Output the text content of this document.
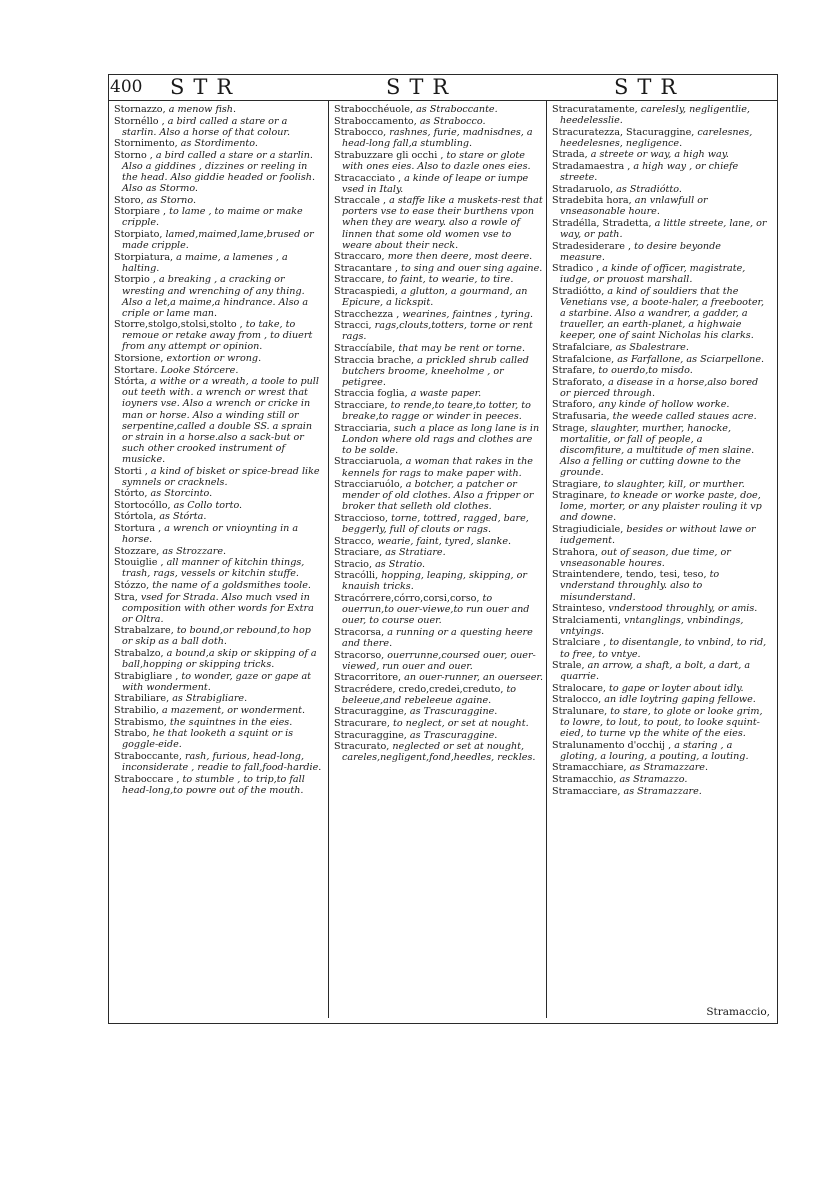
400 STR	STR	STR
Stornazzo, a menow fish.
Stornéllo , a bird called a stare or a starlin. Also a horse of that colour.
Stornimento, as Stordimento.
Storno , a bird called a stare or a starlin. Also a giddines , dizzines or reeling in the head. Also giddie headed or foolish. Also as Stormo.
Storo, as Storno.
Storpiare , to lame , to maime or make cripple.
Storpiato, lamed,maimed,lame,brused or made cripple.
Storpiatura, a maime, a lamenes , a halting.
Storpio , a breaking , a cracking or wresting and wrenching of any thing. Also a let,a maime,a hindrance. Also a criple or lame man.
Storre,stolgo,stolsi,stolto , to take, to remoue or retake away from , to diuert from any attempt or opinion.
Storsione, extortion or wrong.
Stortare. Looke Stórcere.
Stórta, a withe or a wreath, a toole to pull out teeth with. a wrench or wrest that ioyners vse. Also a wrench or cricke in man or horse. Also a winding still or serpentine,called a double SS. a sprain or strain in a horse.also a sack-but or such other crooked instrument of musicke.
Storti , a kind of bisket or spice-bread like symnels or cracknels.
Stórto, as Storcinto.
Stortocóllo, as Collo torto.
Stórtola, as Stórta.
Stortura , a wrench or vnioynting in a horse.
Stozzare, as Strozzare.
Stouiglie , all manner of kitchin things, trash, rags, vessels or kitchin stuffe.
Stózzo, the name of a goldsmithes toole.
Stra, vsed for Strada. Also much vsed in composition with other words for Extra or Oltra.
Strabalzare, to bound,or rebound,to hop or skip as a ball doth.
Strabalzo, a bound,a skip or skipping of a ball,hopping or skipping tricks.
Strabigliare , to wonder, gaze or gape at with wonderment.
Strabiliare, as Strabigliare.
Strabilio, a mazement, or wonderment.
Strabismo, the squintnes in the eies.
Strabo, he that looketh a squint or is goggle-eide.
Straboccante, rash, furious, head-long, inconsiderate , readie to fall,food-hardie.
Straboccare , to stumble , to trip,to fall head-long,to powre out of the mouth.
Strabocchéuole, as Straboccante.
Straboccamento, as Strabocco.
Strabocco, rashnes, furie, madnisdnes, a head-long fall,a stumbling.
Strabuzzare gli occhi , to stare or glote with ones eies. Also to dazle ones eies.
Stracacciato , a kinde of leape or iumpe vsed in Italy.
Straccale , a staffe like a muskets-rest that porters vse to ease their burthens vpon when they are weary. also a rowle of linnen that some old women vse to weare about their neck.
Straccaro, more then deere, most deere.
Stracantare , to sing and ouer sing againe.
Straccare, to faint, to wearie, to tire.
Stracaspiedi, a glutton, a gourmand, an Epicure, a lickspit.
Stracchezza , wearines, faintnes , tyring.
Stracci, rags,clouts,totters, torne or rent rags.
Straccíabile, that may be rent or torne.
Straccia brache, a prickled shrub called butchers broome, kneeholme , or petigree.
Straccia foglia, a waste paper.
Stracciare, to rende,to teare,to totter, to breake,to ragge or winder in peeces.
Stracciaria, such a place as long lane is in London where old rags and clothes are to be solde.
Stracciaruola, a woman that rakes in the kennels for rags to make paper with.
Stracciaruólo, a botcher, a patcher or mender of old clothes. Also a fripper or broker that selleth old clothes.
Straccioso, torne, tottred, ragged, bare, beggerly, full of clouts or rags.
Stracco, wearie, faint, tyred, slanke.
Straciare, as Stratiare.
Stracio, as Stratio.
Stracólli, hopping, leaping, skipping, or knauish tricks.
Stracórrere,córro,corsi,corso, to ouerrun,to ouer-viewe,to run ouer and ouer, to course ouer.
Stracorsa, a running or a questing heere and there.
Stracorso, ouerrunne,coursed ouer, ouer-viewed, run ouer and ouer.
Stracorritore, an ouer-runner, an ouerseer.
Stracrédere, credo,credei,creduto, to beleeue,and rebeleeue againe.
Stracuraggine, as Trascuraggine.
Stracurare, to neglect, or set at nought.
Stracuraggine, as Trascuraggine.
Stracurato, neglected or set at nought, careles,negligent,fond,heedles, reckles.
Stracuratamente, carelesly, negligentlie, heedelesslie.
Stracuratezza, Stacuraggine, carelesnes, heedelesnes, negligence.
Strada, a streete or way, a high way.
Stradamaestra , a high way , or chiefe streete.
Stradaruolo, as Stradiótto.
Stradebita hora, an vnlawfull or vnseasonable houre.
Stradélla, Stradetta, a little streete, lane, or way, or path.
Stradesiderare , to desire beyonde measure.
Stradico , a kinde of officer, magistrate, iudge, or prouost marshall.
Stradiótto, a kind of souldiers that the Venetians vse, a boote-haler, a freebooter, a starbine. Also a wandrer, a gadder, a traueller, an earth-planet, a highwaie keeper, one of saint Nicholas his clarks.
Strafalciare, as Sbalestrare.
Strafalcione, as Farfallone, as Sciarpellone.
Strafare, to ouerdo,to misdo.
Straforato, a disease in a horse,also bored or pierced through.
Straforo, any kinde of hollow worke.
Strafusaria, the weede called staues acre.
Strage, slaughter, murther, hanocke, mortalitie, or fall of people, a discomfiture, a multitude of men slaine. Also a felling or cutting downe to the grounde.
Stragiare, to slaughter, kill, or murther.
Straginare, to kneade or worke paste, doe, lome, morter, or any plaister rouling it vp and downe.
Stragiudiciale, besides or without lawe or iudgement.
Strahora, out of season, due time, or vnseasonable houres.
Straintendere, tendo, tesi, teso, to vnderstand throughly. also to misunderstand.
Straintesо, vnderstood throughly, or amis.
Stralciamenti, vntanglings, vnbindings, vntyings.
Stralciare , to disentangle, to vnbind, to rid, to free, to vntye.
Strale, an arrow, a shaft, a bolt, a dart, a quarrie.
Stralocare, to gape or loyter about idly.
Stralocco, an idle loytring gaping fellowe.
Stralunare, to stare, to glote or looke grim, to lowre, to lout, to pout, to looke squint-eied, to turne vp the white of the eies.
Stralunamento d'occhij , a staring , a gloting, a louring, a pouting, a louting.
Stramacchiare, as Stramazzare.
Stramacchio, as Stramazzo.
Stramacciare, as Stramazzare.
Stramaccio,
